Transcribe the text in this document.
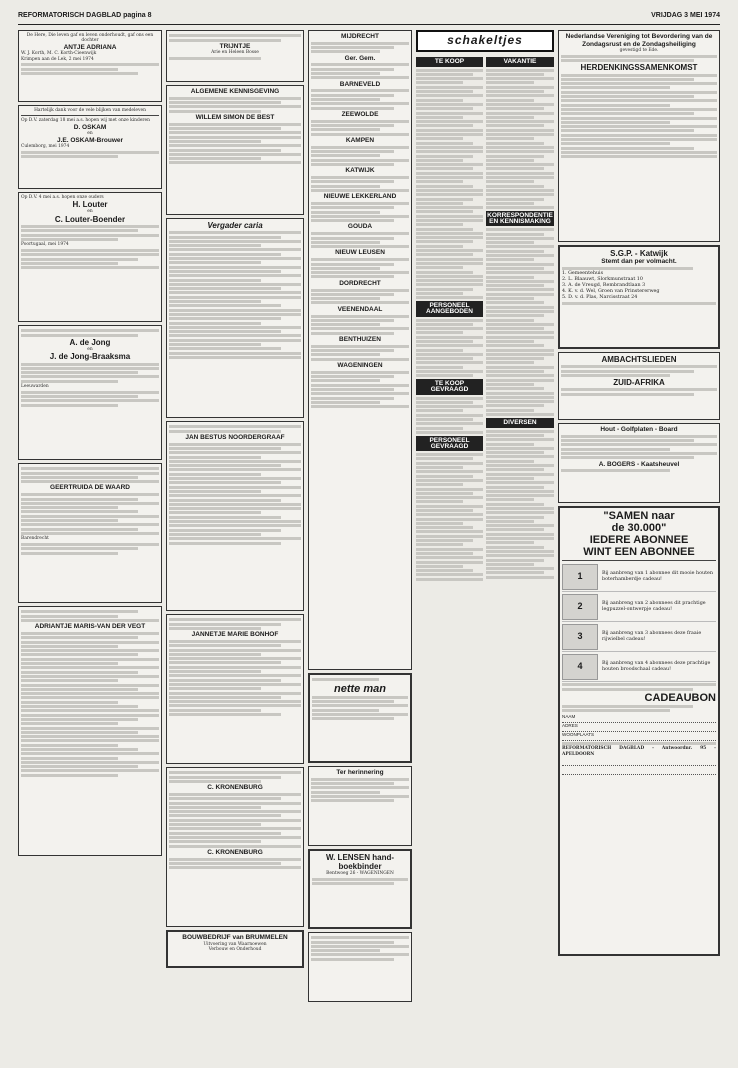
REFORMATORISCH DAGBLAD pagina 8	VRIJDAG 3 MEI 1974
De Here, Die leven gaf en leven onderhoudt, gaf ons een dochter
ANTJE ADRIANA
W. J. Korth, M. C. Korth-Cieenwijk
Krimpen aan de Lek, 2 mei 1974
Hartelijk dank voor de vele blijken van medeleven
Op D.V. zaterdag 18 mei a.s. hopen wij met onze kinderen
D. OSKAM
en
J.E. OSKAM-Brouwer
Culemborg, mei 1974
Op D.V. 4 mei a.s. hopen onze ouders
H. Louter
en
C. Louter-Boender
Poortugaal, mei 1974
A. de Jong
en
J. de Jong-Braaksma
Leeuwarden
GEERTRUIDA DE WAARD
Barendrecht
ADRIANTJE MARIS-VAN DER VEGT
TRIJNTJE
Arie en Heleen Bosse
ALGEMENE KENNISGEVING
WILLEM SIMON DE BEST
Vergader caria
JAN BESTUS NOORDERGRAAF
JANNETJE MARIE BONHOF
C. KRONENBURG
C. KRONENBURG
BOUWBEDRIJF van BRUMMELEN
Uitvoering van Waarnoewen
Verbouw en Onderhoud
MIJDRECHT
Ger. Gem.
BARNEVELD
ZEEWOLDE
KAMPEN
KATWIJK
NIEUWE LEKKERLAND
GOUDA
NIEUW LEUSEN
DORDRECHT
VEENENDAAL
BENTHUIZEN
WAGENINGEN
nette man
Ter herinnering
W. LENSEN hand-boekbinder
Bentwoeg 26 - WAGENINGEN
schakeltjes
TE KOOP
PERSONEEL AANGEBODEN
TE KOOP GEVRAAGD
PERSONEEL GEVRAAGD
VAKANTIE
KORRESPONDENTIE EN KENNISMAKING
DIVERSEN
Nederlandse Vereniging tot Bevordering van de Zondagsrust en de Zondagsheiliging
gevestigd te Ede.
HERDENKINGSSAMENKOMST
S.G.P. - Katwijk
Stemt dan per volmacht.
1. Gemeentehuis
2. L. Blaauwt, Slorkmunstraat 10
3. A. de Vreugd, Rembrandtlaan 3
4. K. v. d. Wel, Groen van Prinstererweg
5. D. v. d. Plas, Narcisstraat 24
AMBACHTSLIEDEN
ZUID-AFRIKA
Hout - Golfplaten - Board
A. BOGERS - Kaatsheuvel
"SAMEN naar
de 30.000"
IEDERE ABONNEE
WINT EEN ABONNEE
1	Bij aanbreng van 1 abonnee dit mooie houten boterhamberdje cadeau!
2	Bij aanbreng van 2 abonnees dit prachtige legpuzzel-ontwerpje cadeau!
3	Bij aanbreng van 3 abonnees deze fraaie rijwielbel cadeau!
4	Bij aanbreng van 4 abonnees deze prachtige houten broodschaal cadeau!
CADEAUBON
NAAM
ADRES
WOONPLAATS
REFORMATORISCH DAGBLAD - Antwoordnr. 95 - APELDOORN
